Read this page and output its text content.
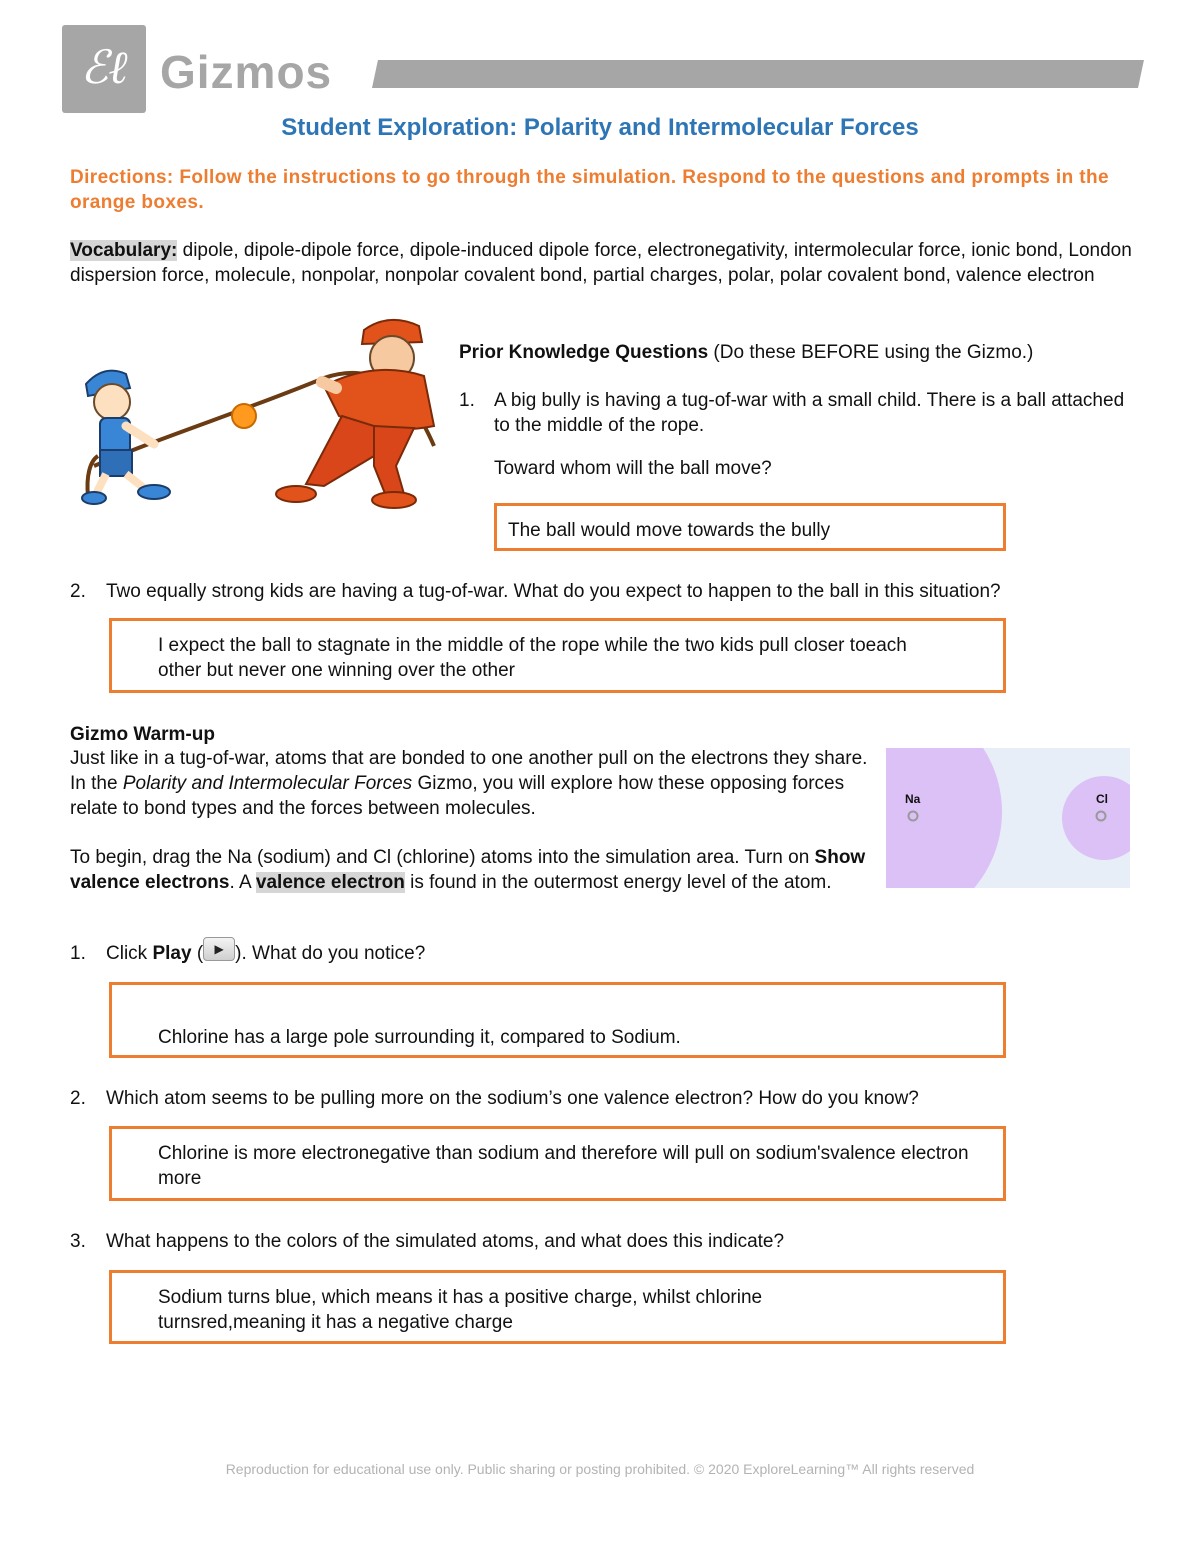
ℰℓ Gizmos
Student Exploration: Polarity and Intermolecular Forces
Directions: Follow the instructions to go through the simulation. Respond to the questions and prompts in the orange boxes.
Vocabulary: dipole, dipole-dipole force, dipole-induced dipole force, electronegativity, intermolecular force, ionic bond, London dispersion force, molecule, nonpolar, nonpolar covalent bond, partial charges, polar, polar covalent bond, valence electron
Prior Knowledge Questions (Do these BEFORE using the Gizmo.)
1. A big bully is having a tug-of-war with a small child. There is a ball attached to the middle of the rope.
Toward whom will the ball move?
The ball would move towards the bully
2. Two equally strong kids are having a tug-of-war. What do you expect to happen to the ball in this situation?
I expect the ball to stagnate in the middle of the rope while the two kids pull closer toeach other but never one winning over the other
Gizmo Warm-up
Just like in a tug-of-war, atoms that are bonded to one another pull on the electrons they share. In the Polarity and Intermolecular Forces Gizmo, you will explore how these opposing forces relate to bond types and the forces between molecules.
To begin, drag the Na (sodium) and Cl (chlorine) atoms into the simulation area. Turn on Show valence electrons. A valence electron is found in the outermost energy level of the atom.
Na	Cl
1. Click Play ( ▶ ). What do you notice?
Chlorine has a large pole surrounding it, compared to Sodium.
2. Which atom seems to be pulling more on the sodium’s one valence electron? How do you know?
Chlorine is more electronegative than sodium and therefore will pull on sodium'svalence electron more
3. What happens to the colors of the simulated atoms, and what does this indicate?
Sodium turns blue, which means it has a positive charge, whilst chlorine turnsred,meaning it has a negative charge
Reproduction for educational use only. Public sharing or posting prohibited. © 2020 ExploreLearning™ All rights reserved
